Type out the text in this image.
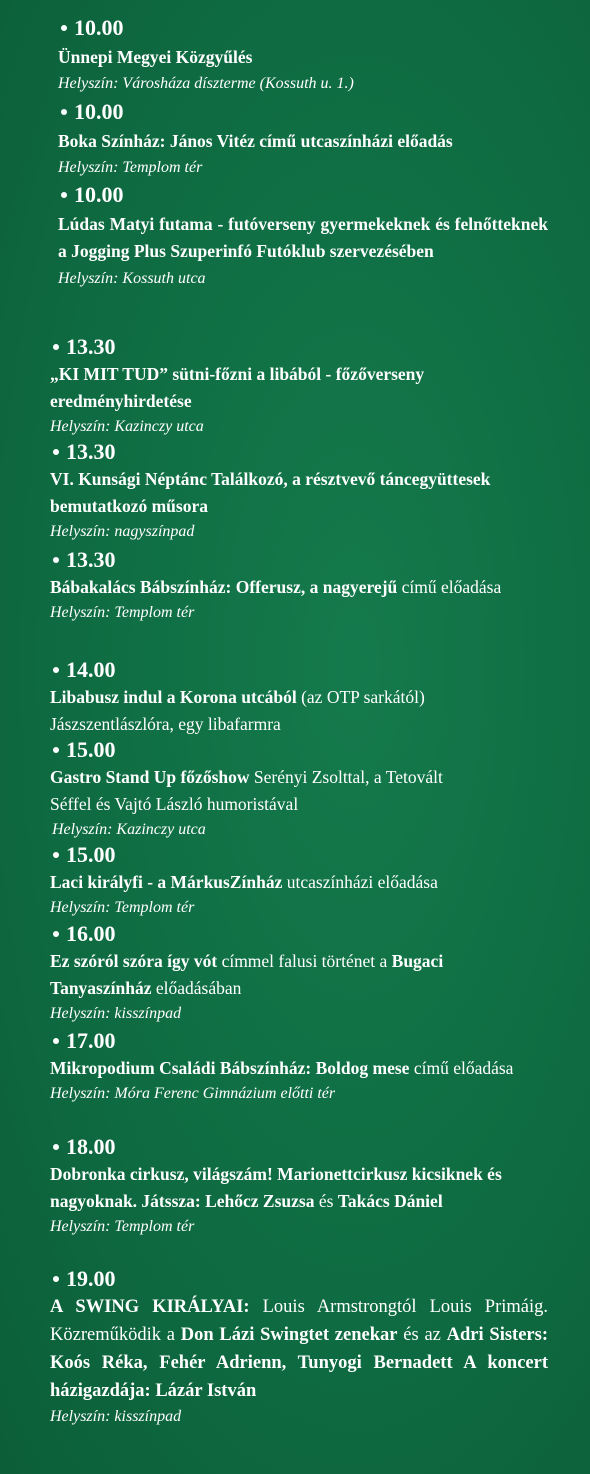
10.00
Ünnepi Megyei Közgyűlés
Helyszín: Városháza díszterme (Kossuth u. 1.)
10.00
Boka Színház: János Vitéz című utcaszínházi előadás
Helyszín: Templom tér
10.00
Lúdas Matyi futama - futóverseny gyermekeknek és felnőtteknek a Jogging Plus Szuperinfó Futóklub szervezésében
Helyszín: Kossuth utca
13.30
„KI MIT TUD” sütni-főzni a libából - főzőverseny eredményhirdetése
Helyszín: Kazinczy utca
13.30
VI. Kunsági Néptánc Találkozó, a résztvevő táncegyüttesek bemutatkozó műsora
Helyszín: nagyszínpad
13.30
Bábakalács Bábszínház: Offerusz, a nagyerejű című előadása
Helyszín: Templom tér
14.00
Libabusz indul a Korona utcából (az OTP sarkától) Jászszentlászlóra, egy libafarmra
15.00
Gastro Stand Up főzőshow Serényi Zsolttal, a Tetovált Séffel és Vajtó László humoristával
Helyszín: Kazinczy utca
15.00
Laci királyfi - a MárkusZínház utcaszínházi előadása
Helyszín: Templom tér
16.00
Ez szóról szóra így vót címmel falusi történet a Bugaci Tanyaszínház előadásában
Helyszín: kisszínpad
17.00
Mikropodium Családi Bábszínház: Boldog mese című előadása
Helyszín: Móra Ferenc Gimnázium előtti tér
18.00
Dobronka cirkusz, világszám! Marionettcirkusz kicsiknek és nagyoknak. Játssza: Lehőcz Zsuzsa és Takács Dániel
Helyszín: Templom tér
19.00
A SWING KIRÁLYAI: Louis Armstrongtól Louis Primáig. Közreműködik a Don Lázi Swingtet zenekar és az Adri Sisters: Koós Réka, Fehér Adrienn, Tunyogi Bernadett A koncert házigazdája: Lázár István
Helyszín: kisszínpad
